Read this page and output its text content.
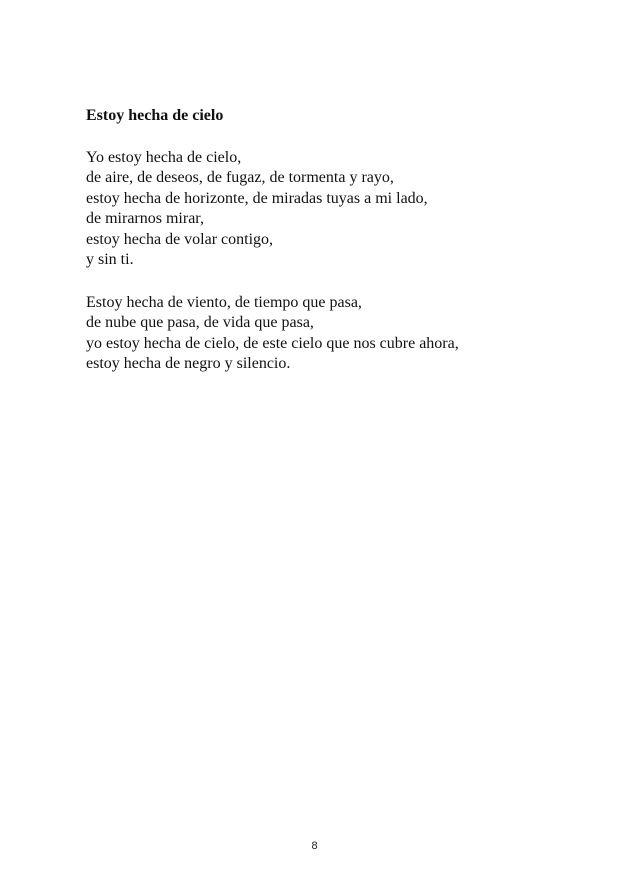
Estoy hecha de cielo

Yo estoy hecha de cielo,
de aire, de deseos, de fugaz, de tormenta y rayo,
estoy hecha de horizonte, de miradas tuyas a mi lado,
de mirarnos mirar,
estoy hecha de volar contigo,
y sin ti.

Estoy hecha de viento, de tiempo que pasa,
de nube que pasa, de vida que pasa,
yo estoy hecha de cielo, de este cielo que nos cubre ahora,
estoy hecha de negro y silencio.

8
